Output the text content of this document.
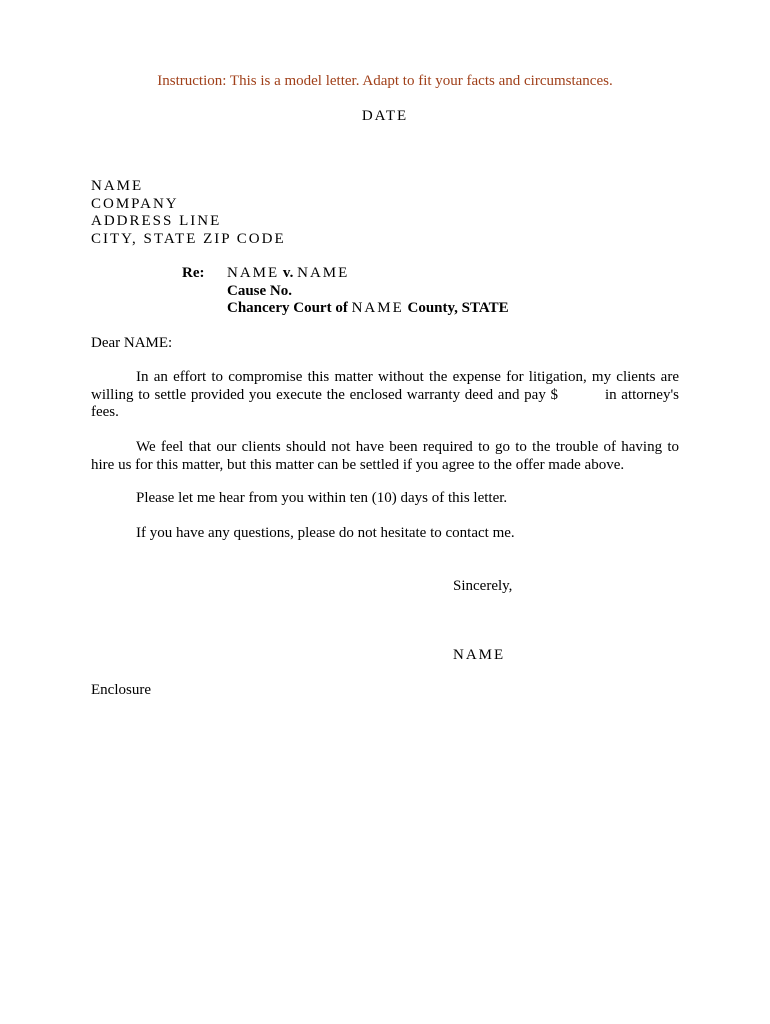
Instruction: This is a model letter. Adapt to fit your facts and circumstances.
DATE
NAME
COMPANY
ADDRESS LINE
CITY, STATE ZIP CODE
Re: NAME v. NAME
Cause No.
Chancery Court of NAME County, STATE
Dear NAME:
In an effort to compromise this matter without the expense for litigation, my clients are willing to settle provided you execute the enclosed warranty deed and pay $          in attorney's fees.
We feel that our clients should not have been required to go to the trouble of having to hire us for this matter, but this matter can be settled if you agree to the offer made above.
Please let me hear from you within ten (10) days of this letter.
If you have any questions, please do not hesitate to contact me.
Sincerely,
NAME
Enclosure
